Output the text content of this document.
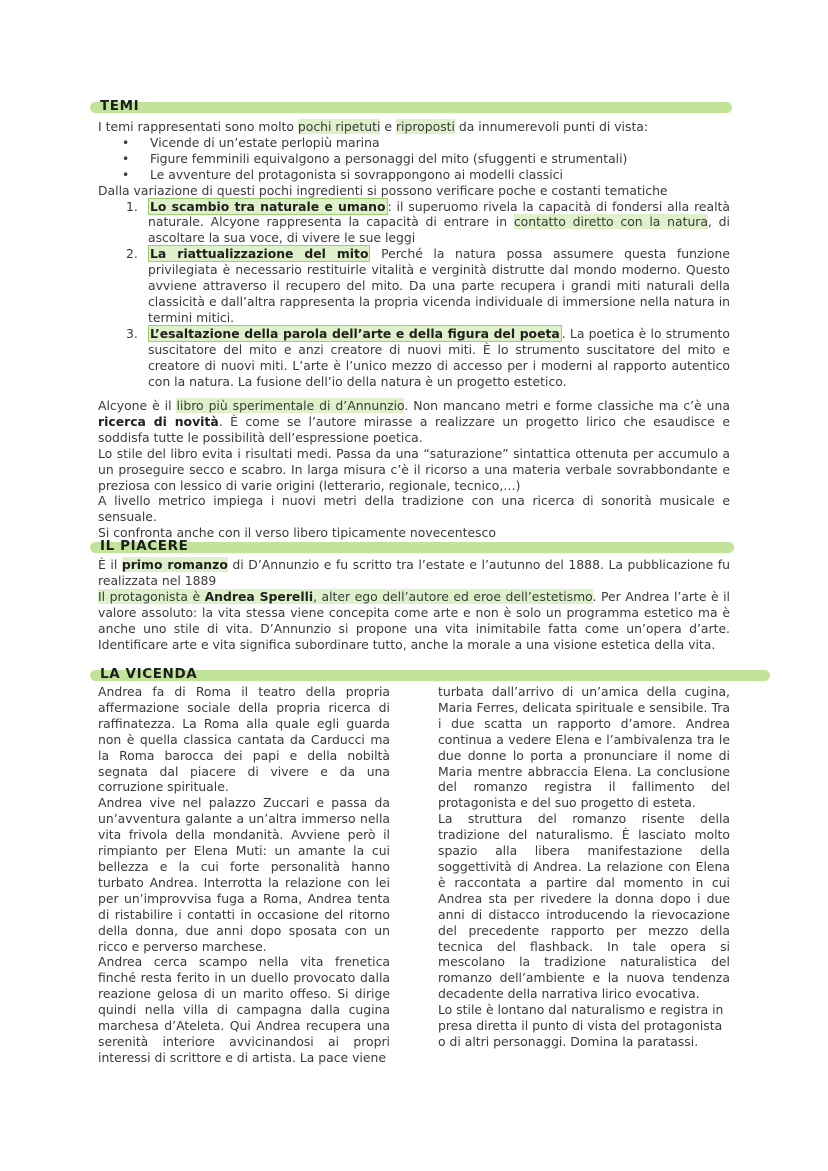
TEMI

I temi rappresentati sono molto pochi ripetuti e riproposti da innumerevoli punti di vista:

• Vicende di un’estate perlopiù marina
• Figure femminili equivalgono a personaggi del mito (sfuggenti e strumentali)
• Le avventure del protagonista si sovrappongono ai modelli classici

Dalla variazione di questi pochi ingredienti si possono verificare poche e costanti tematiche

1. Lo scambio tra naturale e umano : il superuomo rivela la capacità di fondersi alla realtà naturale. Alcyone rappresenta la capacità di entrare in contatto diretto con la natura, di ascoltare la sua voce, di vivere le sue leggi
2. La riattualizzazione del mito Perché la natura possa assumere questa funzione privilegiata è necessario restituirle vitalità e verginità distrutte dal mondo moderno. Questo avviene attraverso il recupero del mito. Da una parte recupera i grandi miti naturali della classicità e dall’altra rappresenta la propria vicenda individuale di immersione nella natura in termini mitici.
3. L’esaltazione della parola dell’arte e della figura del poeta . La poetica è lo strumento suscitatore del mito e anzi creatore di nuovi miti. È lo strumento suscitatore del mito e creatore di nuovi miti. L’arte è l’unico mezzo di accesso per i moderni al rapporto autentico con la natura. La fusione dell’io della natura è un progetto estetico.

Alcyone è il libro più sperimentale di d’Annunzio. Non mancano metri e forme classiche ma c’è una ricerca di novità. È come se l’autore mirasse a realizzare un progetto lirico che esaudisce e soddisfa tutte le possibilità dell’espressione poetica.

Lo stile del libro evita i risultati medi. Passa da una “saturazione” sintattica ottenuta per accumulo a un proseguire secco e scabro. In larga misura c’è il ricorso a una materia verbale sovrabbondante e preziosa con lessico di varie origini (letterario, regionale, tecnico,…)

A livello metrico impiega i nuovi metri della tradizione con una ricerca di sonorità musicale e sensuale.

Si confronta anche con il verso libero tipicamente novecentesco

IL PIACERE

È il primo romanzo di D’Annunzio e fu scritto tra l’estate e l’autunno del 1888. La pubblicazione fu realizzata nel 1889

Il protagonista è Andrea Sperelli, alter ego dell’autore ed eroe dell’estetismo. Per Andrea l’arte è il valore assoluto: la vita stessa viene concepita come arte e non è solo un programma estetico ma è anche uno stile di vita. D’Annunzio si propone una vita inimitabile fatta come un’opera d’arte. Identificare arte e vita significa subordinare tutto, anche la morale a una visione estetica della vita.

LA VICENDA

Andrea fa di Roma il teatro della propria affermazione sociale della propria ricerca di raffinatezza. La Roma alla quale egli guarda non è quella classica cantata da Carducci ma la Roma barocca dei papi e della nobiltà segnata dal piacere di vivere e da una corruzione spirituale.

Andrea vive nel palazzo Zuccari e passa da un’avventura galante a un’altra immerso nella vita frivola della mondanità. Avviene però il rimpianto per Elena Muti: un amante la cui bellezza e la cui forte personalità hanno turbato Andrea. Interrotta la relazione con lei per un’improvvisa fuga a Roma, Andrea tenta di ristabilire i contatti in occasione del ritorno della donna, due anni dopo sposata con un ricco e perverso marchese.

Andrea cerca scampo nella vita frenetica finché resta ferito in un duello provocato dalla reazione gelosa di un marito offeso. Si dirige quindi nella villa di campagna dalla cugina marchesa d’Ateleta. Qui Andrea recupera una serenità interiore avvicinandosi ai propri interessi di scrittore e di artista. La pace viene

turbata dall’arrivo di un’amica della cugina, Maria Ferres, delicata spirituale e sensibile. Tra i due scatta un rapporto d’amore. Andrea continua a vedere Elena e l’ambivalenza tra le due donne lo porta a pronunciare il nome di Maria mentre abbraccia Elena. La conclusione del romanzo registra il fallimento del protagonista e del suo progetto di esteta.

La struttura del romanzo risente della tradizione del naturalismo. È lasciato molto spazio alla libera manifestazione della soggettività di Andrea. La relazione con Elena è raccontata a partire dal momento in cui Andrea sta per rivedere la donna dopo i due anni di distacco introducendo la rievocazione del precedente rapporto per mezzo della tecnica del flashback. In tale opera si mescolano la tradizione naturalistica del romanzo dell’ambiente e la nuova tendenza decadente della narrativa lirico evocativa.

Lo stile è lontano dal naturalismo e registra in presa diretta il punto di vista del protagonista o di altri personaggi. Domina la paratassi.
